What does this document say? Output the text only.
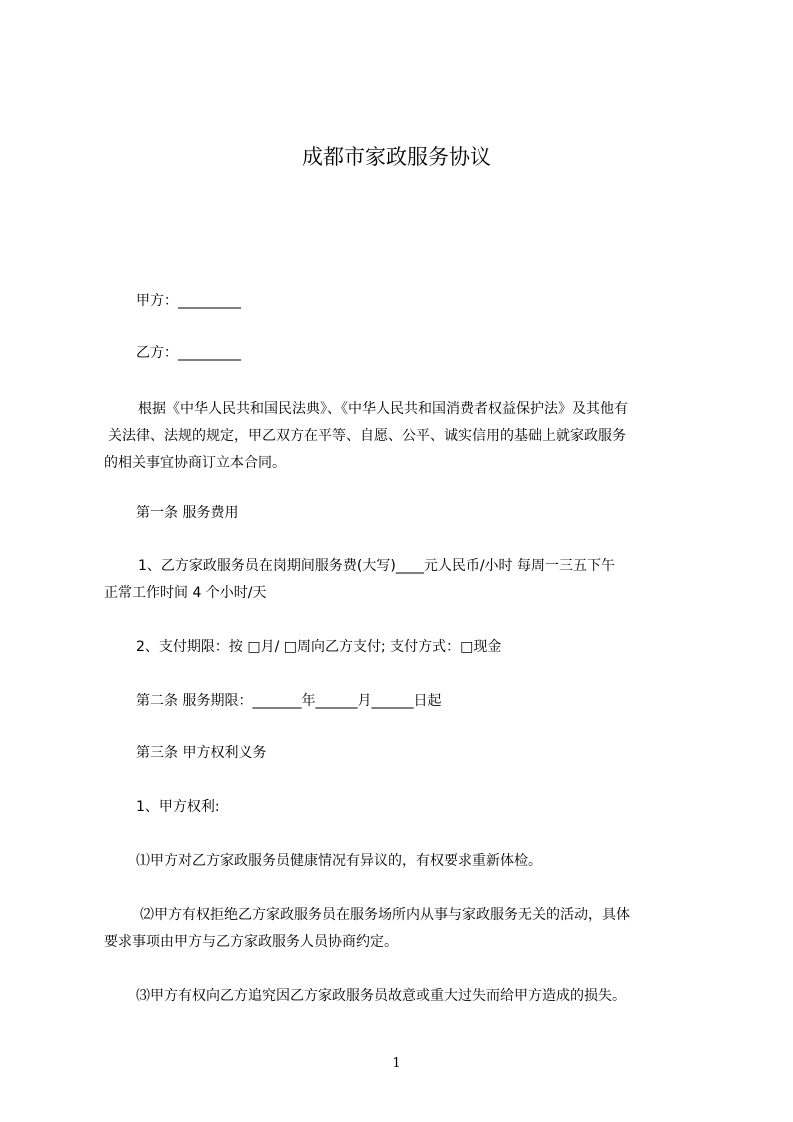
成都市家政服务协议

甲方：_________

乙方：_________

根据《中华人民共和国民法典》、《中华人民共和国消费者权益保护法》及其他有
关法律、法规的规定，甲乙双方在平等、自愿、公平、诚实信用的基础上就家政服务
的相关事宜协商订立本合同。

第一条 服务费用

1、乙方家政服务员在岗期间服务费(大写)____元人民币/小时 每周一三五下午
正常工作时间 4 个小时/天

2、支付期限：按 □月/ □周向乙方支付; 支付方式：□现金

第二条 服务期限：_______年______月______日起

第三条 甲方权利义务

1、甲方权利:

⑴甲方对乙方家政服务员健康情况有异议的，有权要求重新体检。

⑵甲方有权拒绝乙方家政服务员在服务场所内从事与家政服务无关的活动，具体
要求事项由甲方与乙方家政服务人员协商约定。

⑶甲方有权向乙方追究因乙方家政服务员故意或重大过失而给甲方造成的损失。

1
